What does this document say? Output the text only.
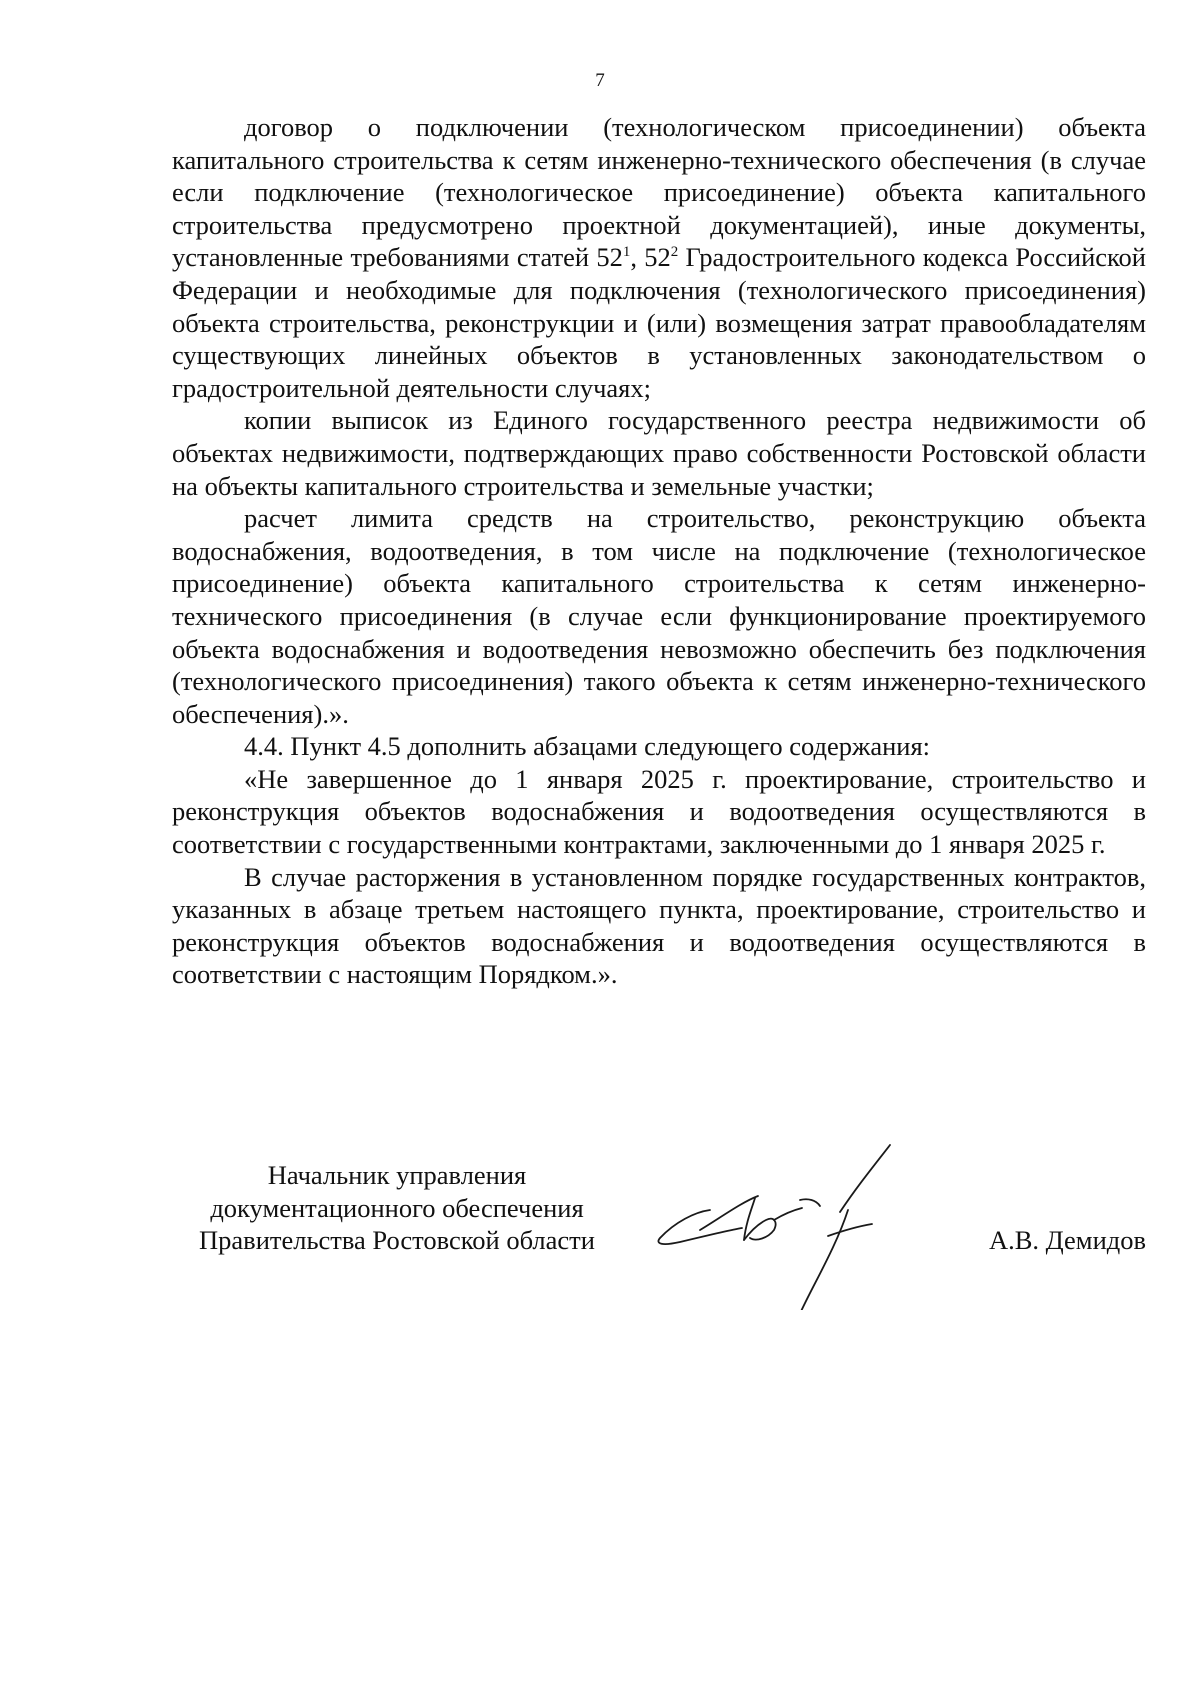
7

договор о подключении (технологическом присоединении) объекта капитального строительства к сетям инженерно-технического обеспечения (в случае если подключение (технологическое присоединение) объекта капитального строительства предусмотрено проектной документацией), иные документы, установленные требованиями статей $52^1$, $52^2$ Градостроительного кодекса Российской Федерации и необходимые для подключения (технологического присоединения) объекта строительства, реконструкции и (или) возмещения затрат правообладателям существующих линейных объектов в установленных законодательством о градостроительной деятельности случаях;

копии выписок из Единого государственного реестра недвижимости об объектах недвижимости, подтверждающих право собственности Ростовской области на объекты капитального строительства и земельные участки;

расчет лимита средств на строительство, реконструкцию объекта водоснабжения, водоотведения, в том числе на подключение (технологическое присоединение) объекта капитального строительства к сетям инженерно-технического присоединения (в случае если функционирование проектируемого объекта водоснабжения и водоотведения невозможно обеспечить без подключения (технологического присоединения) такого объекта к сетям инженерно-технического обеспечения).».

4.4. Пункт 4.5 дополнить абзацами следующего содержания:

«Не завершенное до 1 января 2025 г. проектирование, строительство и реконструкция объектов водоснабжения и водоотведения осуществляются в соответствии с государственными контрактами, заключенными до 1 января 2025 г.

В случае расторжения в установленном порядке государственных контрактов, указанных в абзаце третьем настоящего пункта, проектирование, строительство и реконструкция объектов водоснабжения и водоотведения осуществляются в соответствии с настоящим Порядком.».

Начальник управления
документационного обеспечения
Правительства Ростовской области	А.В. Демидов
